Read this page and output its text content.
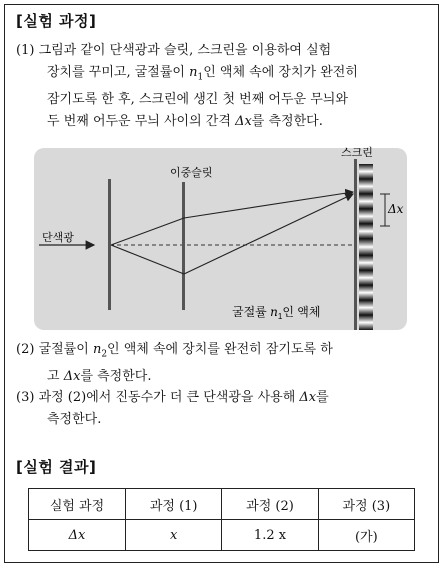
[실험 과정]
(1) 그림과 같이 단색광과 슬릿, 스크린을 이용하여 실험
장치를 꾸미고, 굴절률이 $n_1$인 액체 속에 장치가 완전히
잠기도록 한 후, 스크린에 생긴 첫 번째 어두운 무늬와
두 번째 어두운 무늬 사이의 간격 Δx를 측정한다.
이중슬릿
스크린
단색광
Δx
굴절률 $n_1$인 액체
(2) 굴절률이 $n_2$인 액체 속에 장치를 완전히 잠기도록 하
고 Δx를 측정한다.
(3) 과정 (2)에서 진동수가 더 큰 단색광을 사용해 Δx를
측정한다.
[실험 결과]
실험 과정	과정 (1)	과정 (2)	과정 (3)
Δx	x	1.2 x	(가)
